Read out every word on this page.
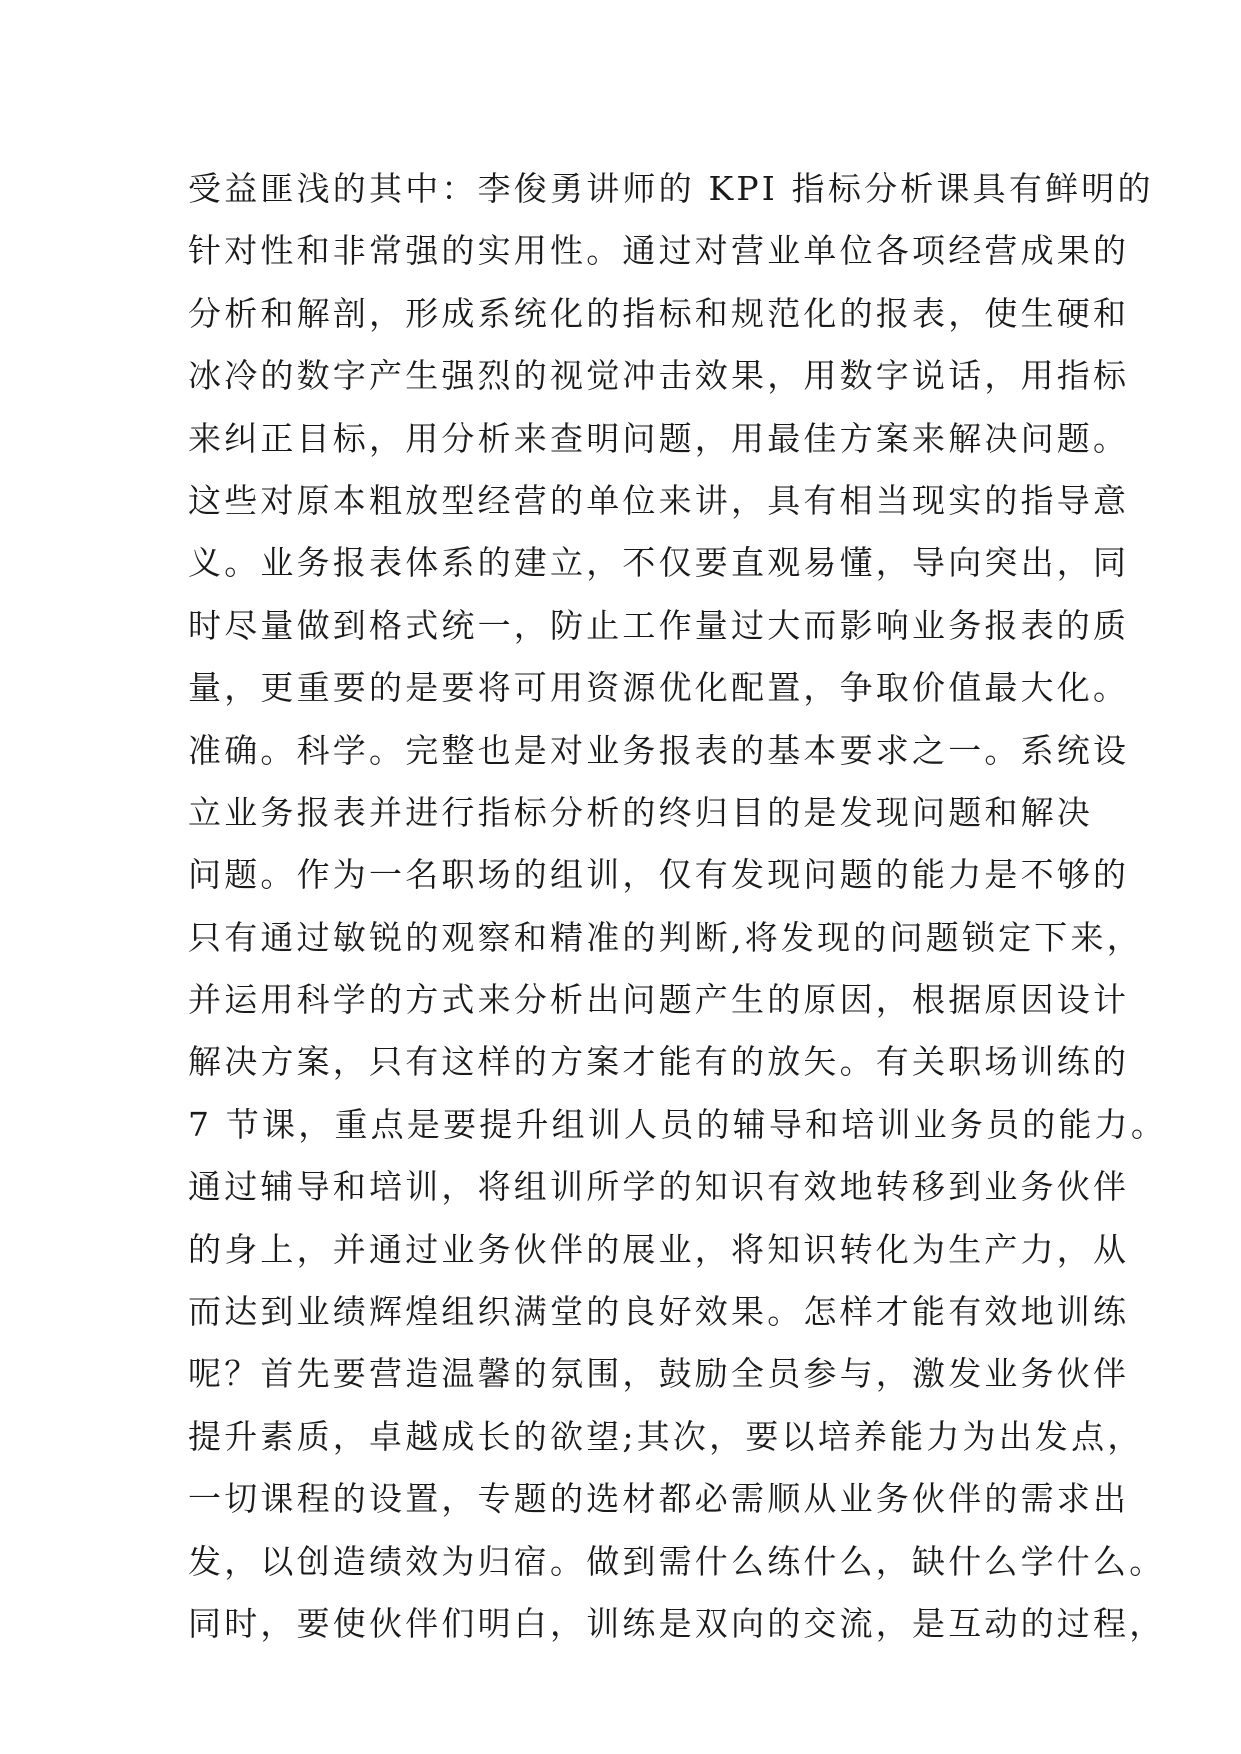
受益匪浅的其中：李俊勇讲师的 KPI 指标分析课具有鲜明的
针对性和非常强的实用性。通过对营业单位各项经营成果的
分析和解剖，形成系统化的指标和规范化的报表，使生硬和
冰冷的数字产生强烈的视觉冲击效果，用数字说话，用指标
来纠正目标，用分析来查明问题，用最佳方案来解决问题。
这些对原本粗放型经营的单位来讲，具有相当现实的指导意
义。业务报表体系的建立，不仅要直观易懂，导向突出，同
时尽量做到格式统一，防止工作量过大而影响业务报表的质
量，更重要的是要将可用资源优化配置，争取价值最大化。
准确。科学。完整也是对业务报表的基本要求之一。系统设
立业务报表并进行指标分析的终归目的是发现问题和解决
问题。作为一名职场的组训，仅有发现问题的能力是不够的
只有通过敏锐的观察和精准的判断,将发现的问题锁定下来，
并运用科学的方式来分析出问题产生的原因，根据原因设计
解决方案，只有这样的方案才能有的放矢。有关职场训练的
7 节课，重点是要提升组训人员的辅导和培训业务员的能力。
通过辅导和培训，将组训所学的知识有效地转移到业务伙伴
的身上，并通过业务伙伴的展业，将知识转化为生产力，从
而达到业绩辉煌组织满堂的良好效果。怎样才能有效地训练
呢？首先要营造温馨的氛围，鼓励全员参与，激发业务伙伴
提升素质，卓越成长的欲望;其次，要以培养能力为出发点，
一切课程的设置，专题的选材都必需顺从业务伙伴的需求出
发，以创造绩效为归宿。做到需什么练什么，缺什么学什么。
同时，要使伙伴们明白，训练是双向的交流，是互动的过程，
